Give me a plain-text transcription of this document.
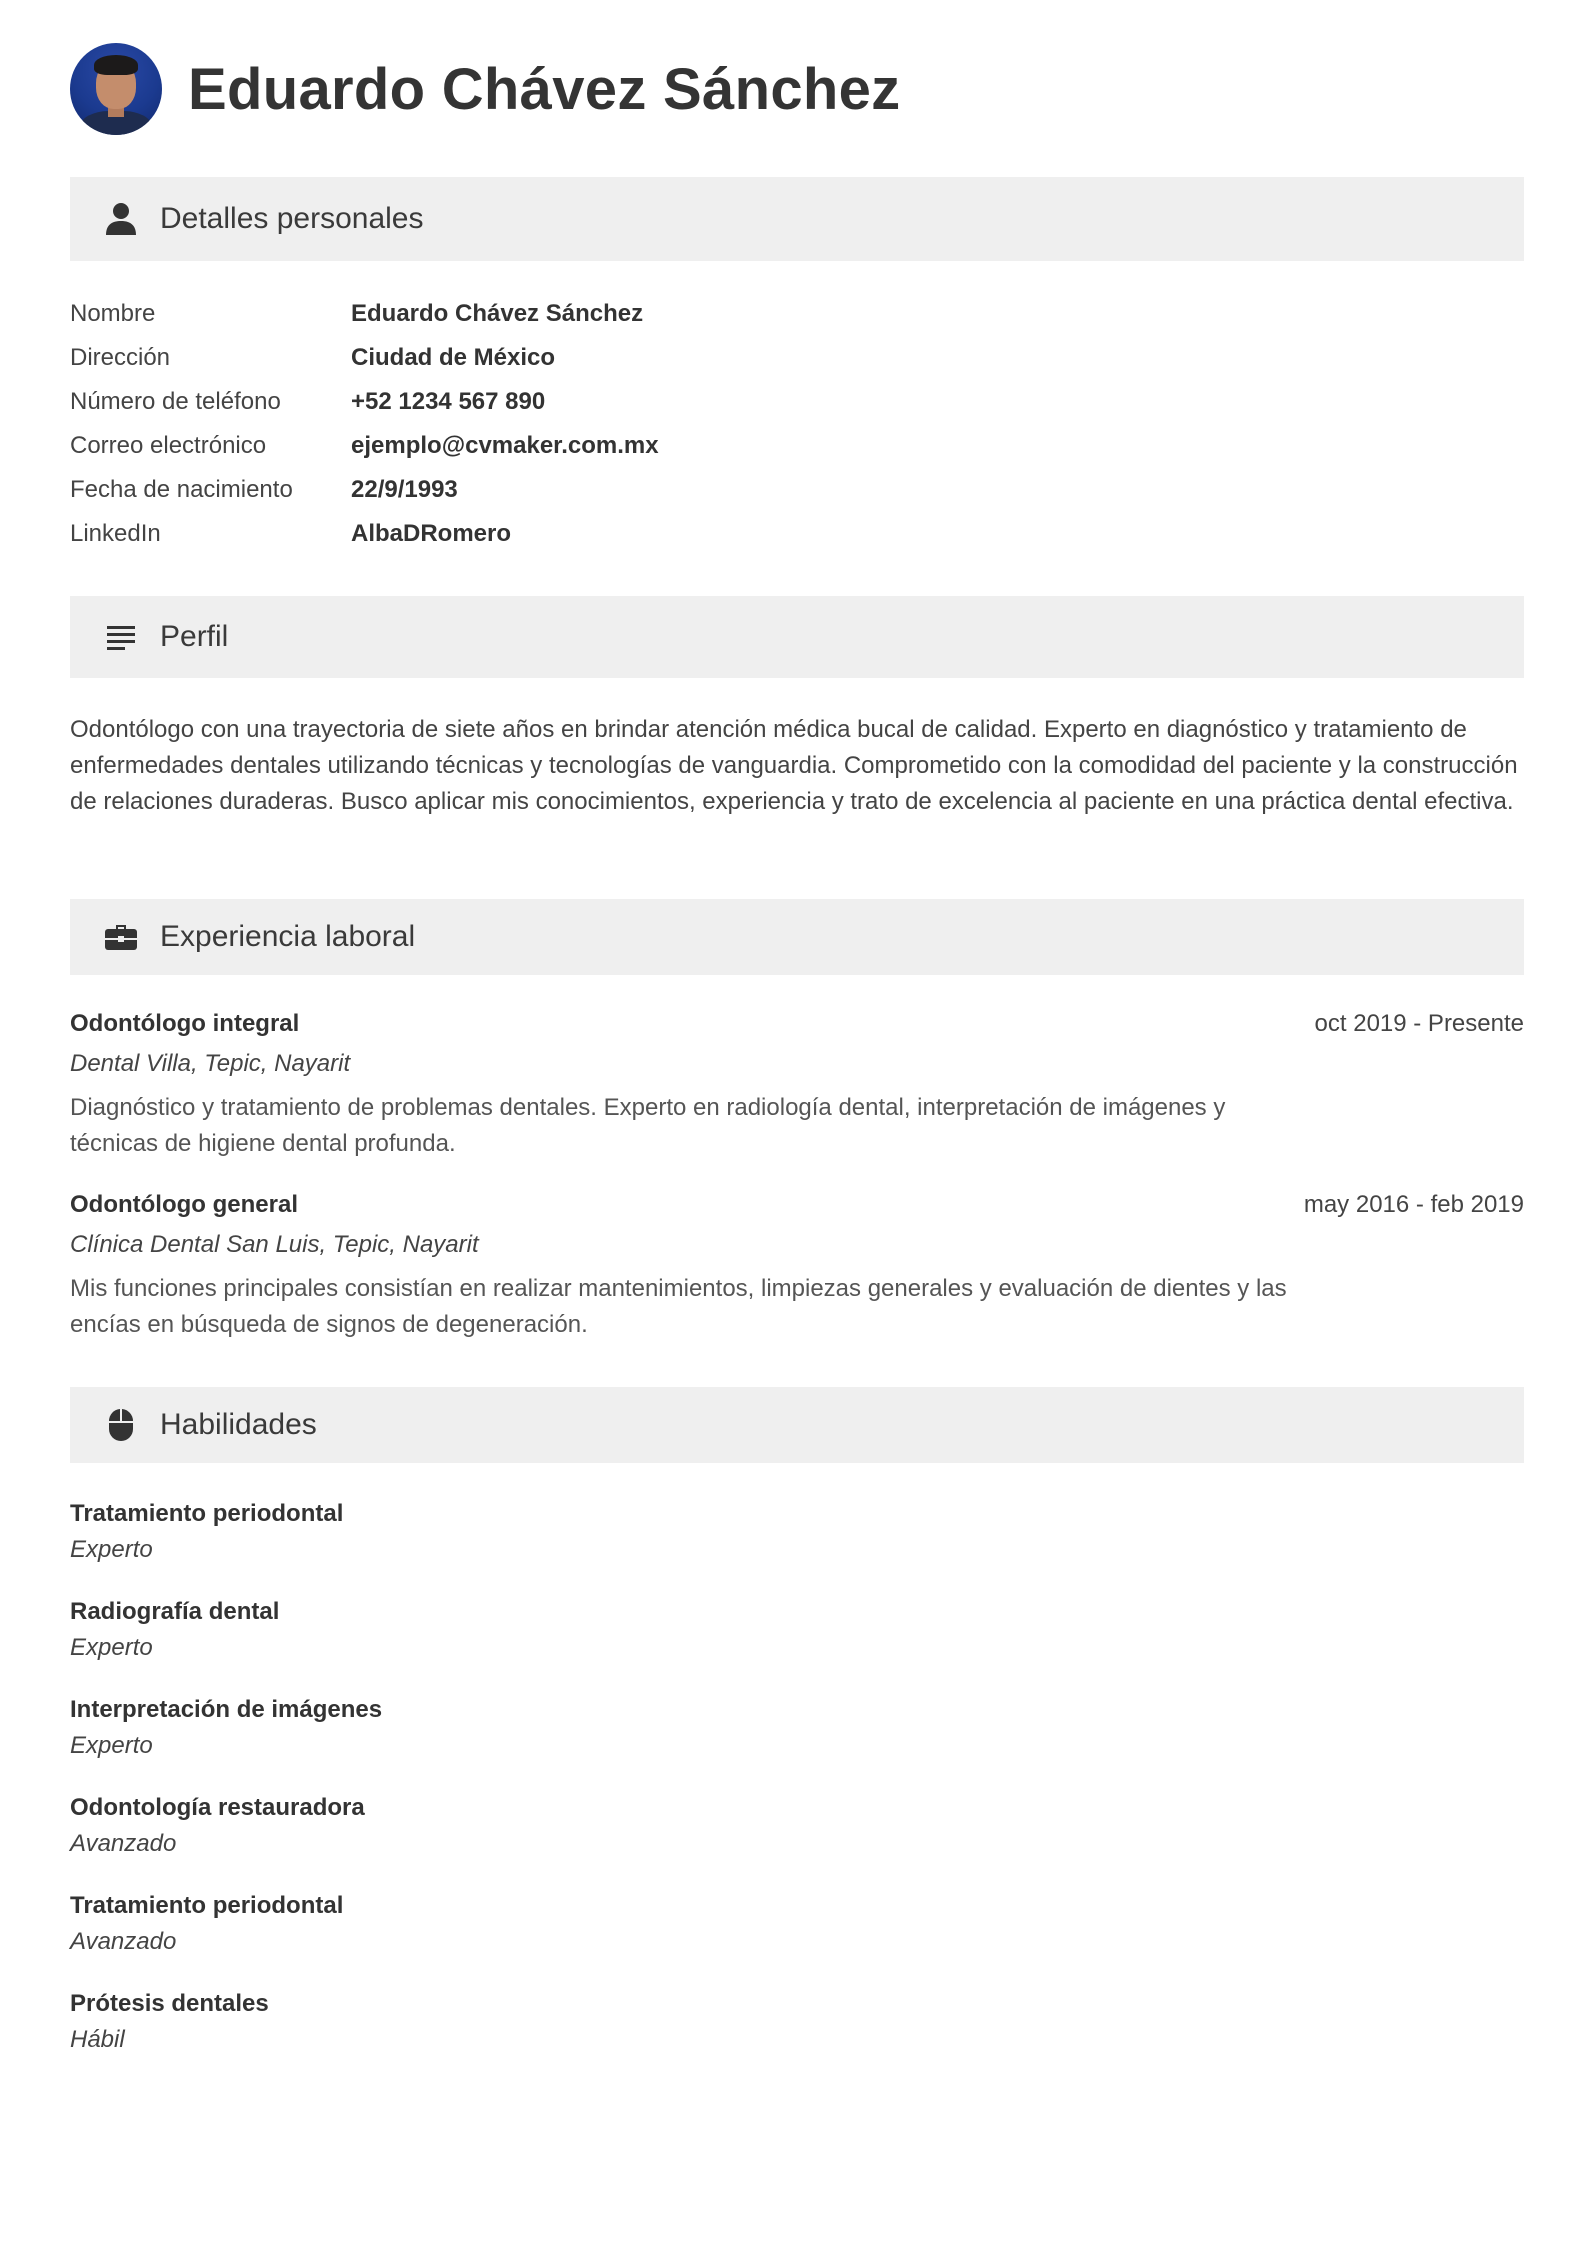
Eduardo Chávez Sánchez
Detalles personales
Nombre	Eduardo Chávez Sánchez
Dirección	Ciudad de México
Número de teléfono	+52 1234 567 890
Correo electrónico	ejemplo@cvmaker.com.mx
Fecha de nacimiento	22/9/1993
LinkedIn	AlbaDRomero
Perfil
Odontólogo con una trayectoria de siete años en brindar atención médica bucal de calidad. Experto en diagnóstico y tratamiento de enfermedades dentales utilizando técnicas y tecnologías de vanguardia. Comprometido con la comodidad del paciente y la construcción de relaciones duraderas. Busco aplicar mis conocimientos, experiencia y trato de excelencia al paciente en una práctica dental efectiva.
Experiencia laboral
Odontólogo integral	oct 2019 - Presente
Dental Villa, Tepic, Nayarit
Diagnóstico y tratamiento de problemas dentales. Experto en radiología dental, interpretación de imágenes y técnicas de higiene dental profunda.
Odontólogo general	may 2016 - feb 2019
Clínica Dental San Luis, Tepic, Nayarit
Mis funciones principales consistían en realizar mantenimientos, limpiezas generales y evaluación de dientes y las encías en búsqueda de signos de degeneración.
Habilidades
Tratamiento periodontal
Experto
Radiografía dental
Experto
Interpretación de imágenes
Experto
Odontología restauradora
Avanzado
Tratamiento periodontal
Avanzado
Prótesis dentales
Hábil
